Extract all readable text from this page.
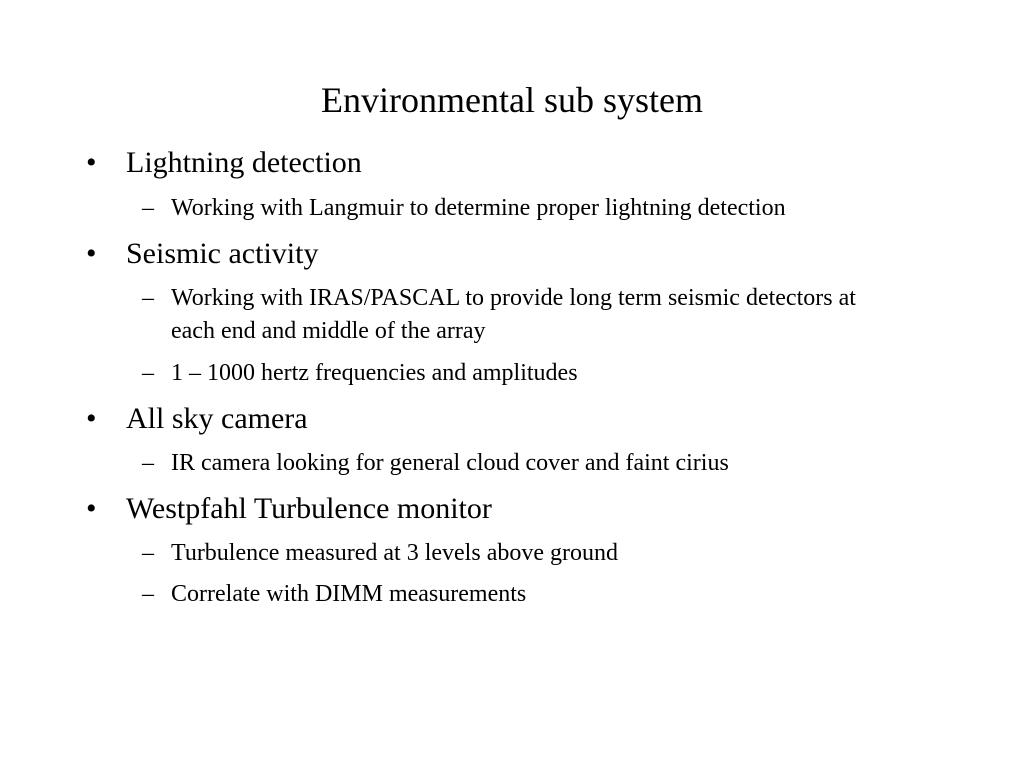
Environmental sub system
• Lightning detection
– Working with Langmuir to determine proper lightning detection
• Seismic activity
– Working with IRAS/PASCAL to provide long term seismic detectors at each end and middle of the array
– 1 – 1000 hertz frequencies and amplitudes
• All sky camera
– IR camera looking for general cloud cover and faint cirius
• Westpfahl Turbulence monitor
– Turbulence measured at 3 levels above ground
– Correlate with DIMM measurements
